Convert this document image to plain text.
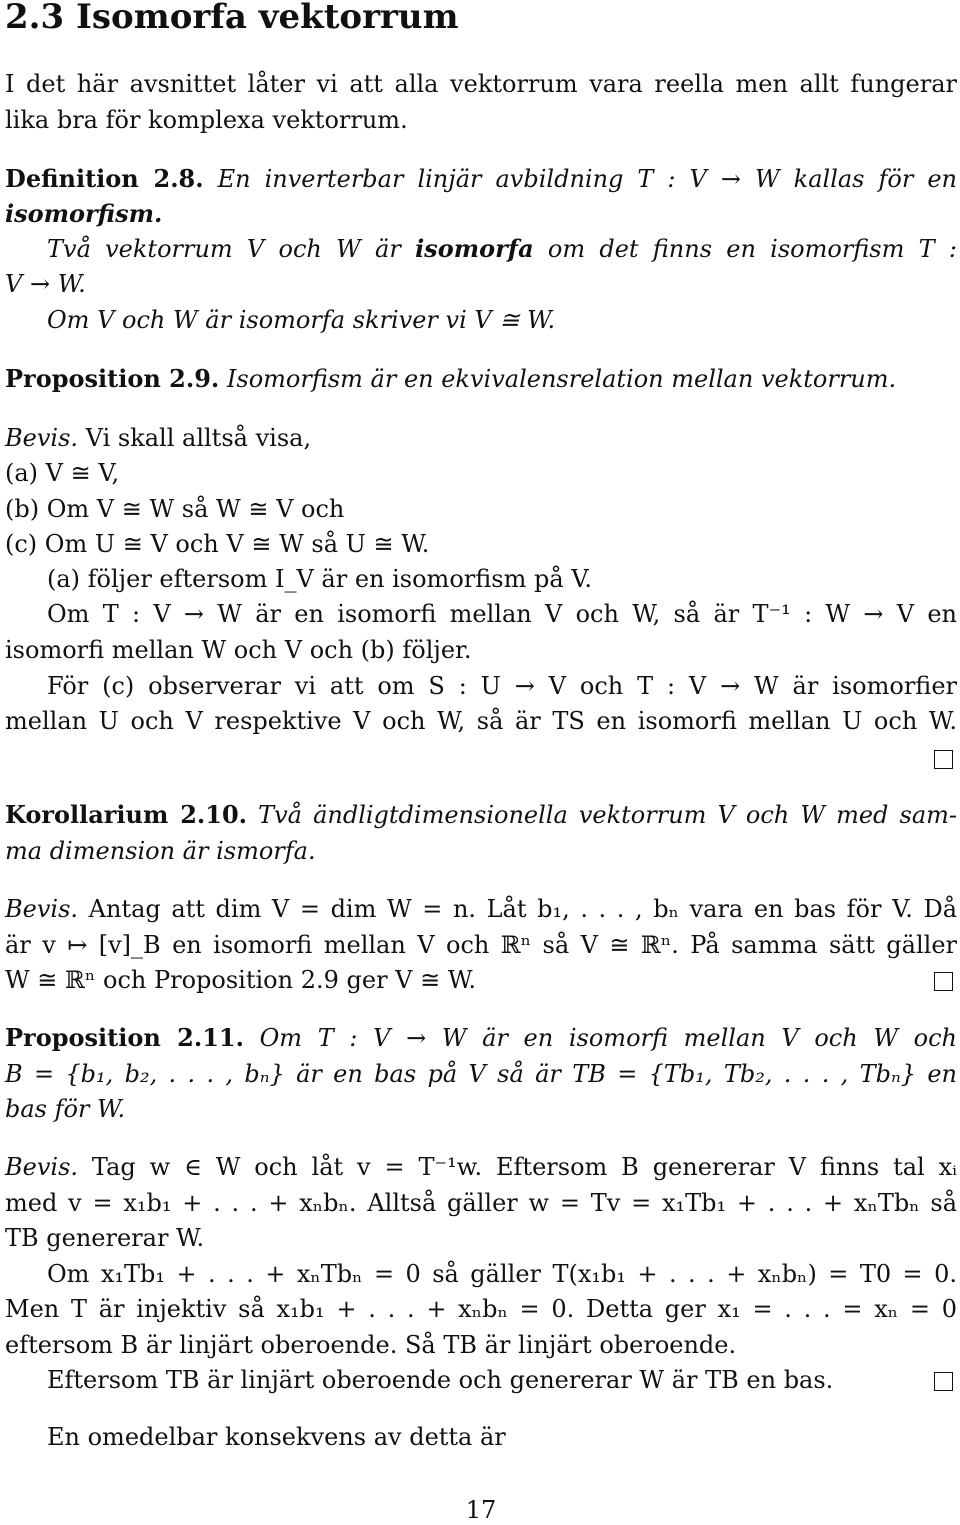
2.3 Isomorfa vektorrum
I det här avsnittet låter vi att alla vektorrum vara reella men allt fungerar
lika bra för komplexa vektorrum.
Definition 2.8. En inverterbar linjär avbildning T : V → W kallas för en
isomorfism.
Två vektorrum V och W är isomorfa om det finns en isomorfism T :
V → W.
Om V och W är isomorfa skriver vi V ≅ W.
Proposition 2.9. Isomorfism är en ekvivalensrelation mellan vektorrum.
Bevis. Vi skall alltså visa,
(a) V ≅ V,
(b) Om V ≅ W så W ≅ V och
(c) Om U ≅ V och V ≅ W så U ≅ W.
(a) följer eftersom I_V är en isomorfism på V.
Om T : V → W är en isomorfi mellan V och W, så är T⁻¹ : W → V en
isomorfi mellan W och V och (b) följer.
För (c) observerar vi att om S : U → V och T : V → W är isomorfier
mellan U och V respektive V och W, så är TS en isomorfi mellan U och W.
Korollarium 2.10. Två ändligtdimensionella vektorrum V och W med sam-
ma dimension är ismorfa.
Bevis. Antag att dim V = dim W = n. Låt b₁, . . . , bₙ vara en bas för V. Då
är v ↦ [v]_B en isomorfi mellan V och ℝⁿ så V ≅ ℝⁿ. På samma sätt gäller
W ≅ ℝⁿ och Proposition 2.9 ger V ≅ W.
Proposition 2.11. Om T : V → W är en isomorfi mellan V och W och
B = {b₁, b₂, . . . , bₙ} är en bas på V så är TB = {Tb₁, Tb₂, . . . , Tbₙ} en
bas för W.
Bevis. Tag w ∈ W och låt v = T⁻¹w. Eftersom B genererar V finns tal xᵢ
med v = x₁b₁ + . . . + xₙbₙ. Alltså gäller w = Tv = x₁Tb₁ + . . . + xₙTbₙ så
TB genererar W.
Om x₁Tb₁ + . . . + xₙTbₙ = 0 så gäller T(x₁b₁ + . . . + xₙbₙ) = T0 = 0.
Men T är injektiv så x₁b₁ + . . . + xₙbₙ = 0. Detta ger x₁ = . . . = xₙ = 0
eftersom B är linjärt oberoende. Så TB är linjärt oberoende.
Eftersom TB är linjärt oberoende och genererar W är TB en bas.
En omedelbar konsekvens av detta är
17
